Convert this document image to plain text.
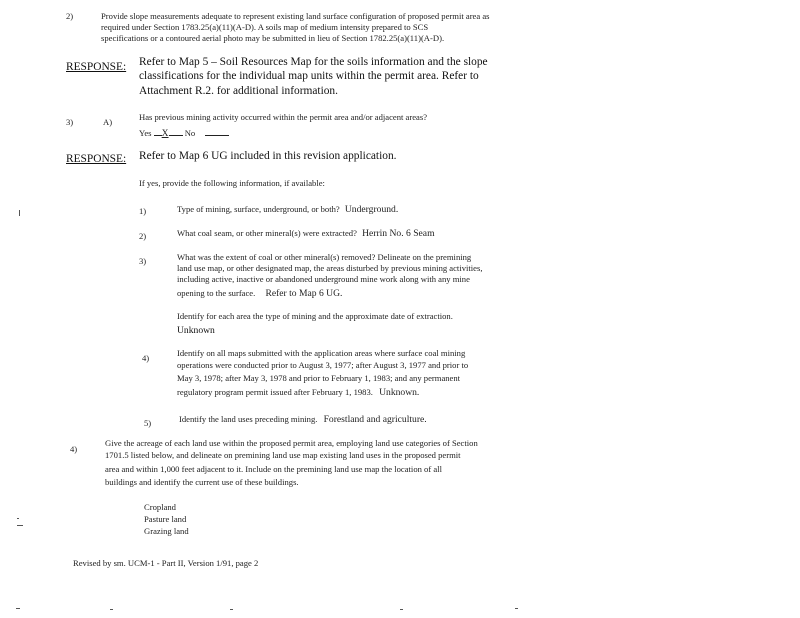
2)	Provide slope measurements adequate to represent existing land surface configuration of proposed permit area as
required under Section 1783.25(a)(11)(A-D). A soils map of medium intensity prepared to SCS
specifications or a contoured aerial photo may be submitted in lieu of Section 1782.25(a)(11)(A-D).
RESPONSE: Refer to Map 5 – Soil Resources Map for the soils information and the slope
classifications for the individual map units within the permit area. Refer to
Attachment R.2. for additional information.
3)	A)	Has previous mining activity occurred within the permit area and/or adjacent areas?
Yes X No
RESPONSE: Refer to Map 6 UG included in this revision application.
If yes, provide the following information, if available:
1)	Type of mining, surface, underground, or both? Underground.
2)	What coal seam, or other mineral(s) were extracted? Herrin No. 6 Seam
3)	What was the extent of coal or other mineral(s) removed? Delineate on the premining
land use map, or other designated map, the areas disturbed by previous mining activities,
including active, inactive or abandoned underground mine work along with any mine
opening to the surface. Refer to Map 6 UG.
Identify for each area the type of mining and the approximate date of extraction.
Unknown
4)	Identify on all maps submitted with the application areas where surface coal mining
operations were conducted prior to August 3, 1977; after August 3, 1977 and prior to
May 3, 1978; after May 3, 1978 and prior to February 1, 1983; and any permanent
regulatory program permit issued after February 1, 1983. Unknown.
5)	Identify the land uses preceding mining. Forestland and agriculture.
4)
Give the acreage of each land use within the proposed permit area, employing land use categories of Section
1701.5 listed below, and delineate on premining land use map existing land uses in the proposed permit
area and within 1,000 feet adjacent to it. Include on the premining land use map the location of all
buildings and identify the current use of these buildings.
Cropland
Pasture land
Grazing land
Revised by sm. UCM-1 - Part II, Version 1/91, page 2
